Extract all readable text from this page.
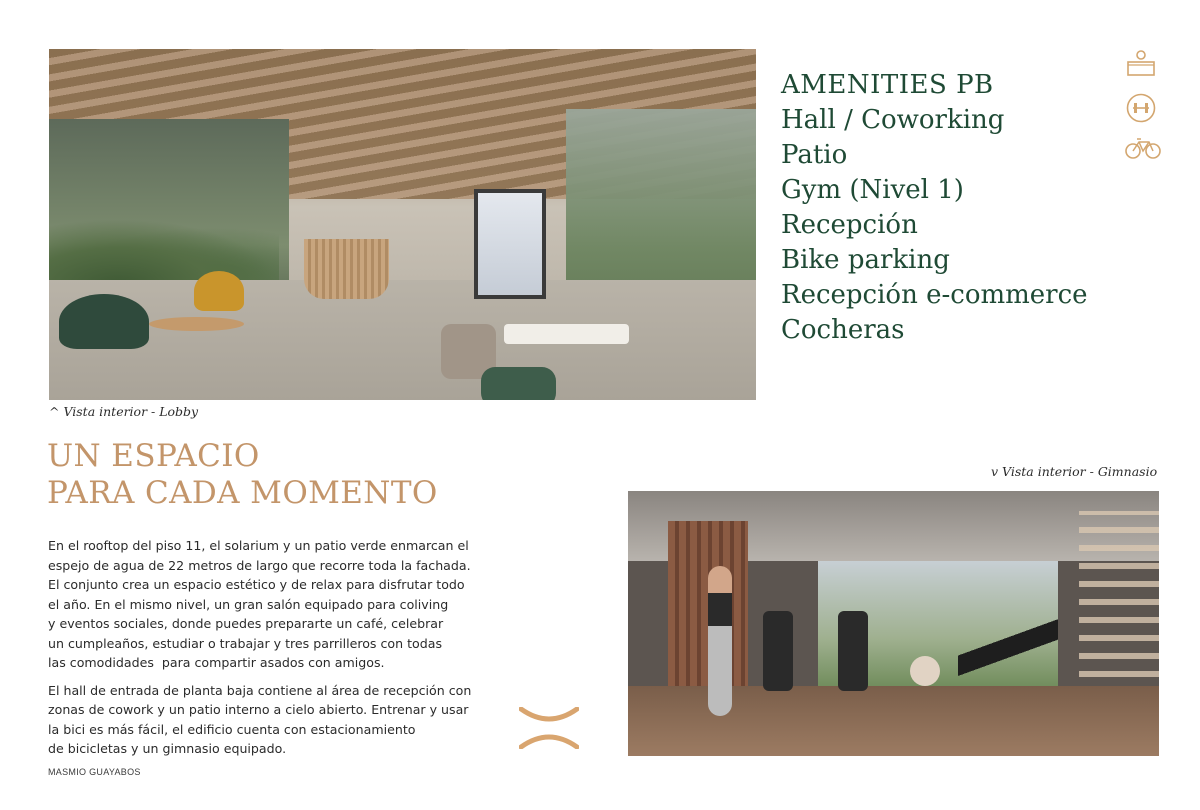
^ Vista interior - Lobby
AMENITIES PB
Hall / Coworking
Patio
Gym (Nivel 1)
Recepción
Bike parking
Recepción e-commerce
Cocheras
UN ESPACIO
PARA CADA MOMENTO
v Vista interior - Gimnasio

En el rooftop del piso 11, el solarium y un patio verde enmarcan el
espejo de agua de 22 metros de largo que recorre toda la fachada.
El conjunto crea un espacio estético y de relax para disfrutar todo
el año. En el mismo nivel, un gran salón equipado para coliving
y eventos sociales, donde puedes prepararte un café, celebrar
un cumpleaños, estudiar o trabajar y tres parrilleros con todas
las comodidades  para compartir asados con amigos.

El hall de entrada de planta baja contiene al área de recepción con
zonas de cowork y un patio interno a cielo abierto. Entrenar y usar
la bici es más fácil, el edificio cuenta con estacionamiento
de bicicletas y un gimnasio equipado.

MASMIO GUAYABOS
